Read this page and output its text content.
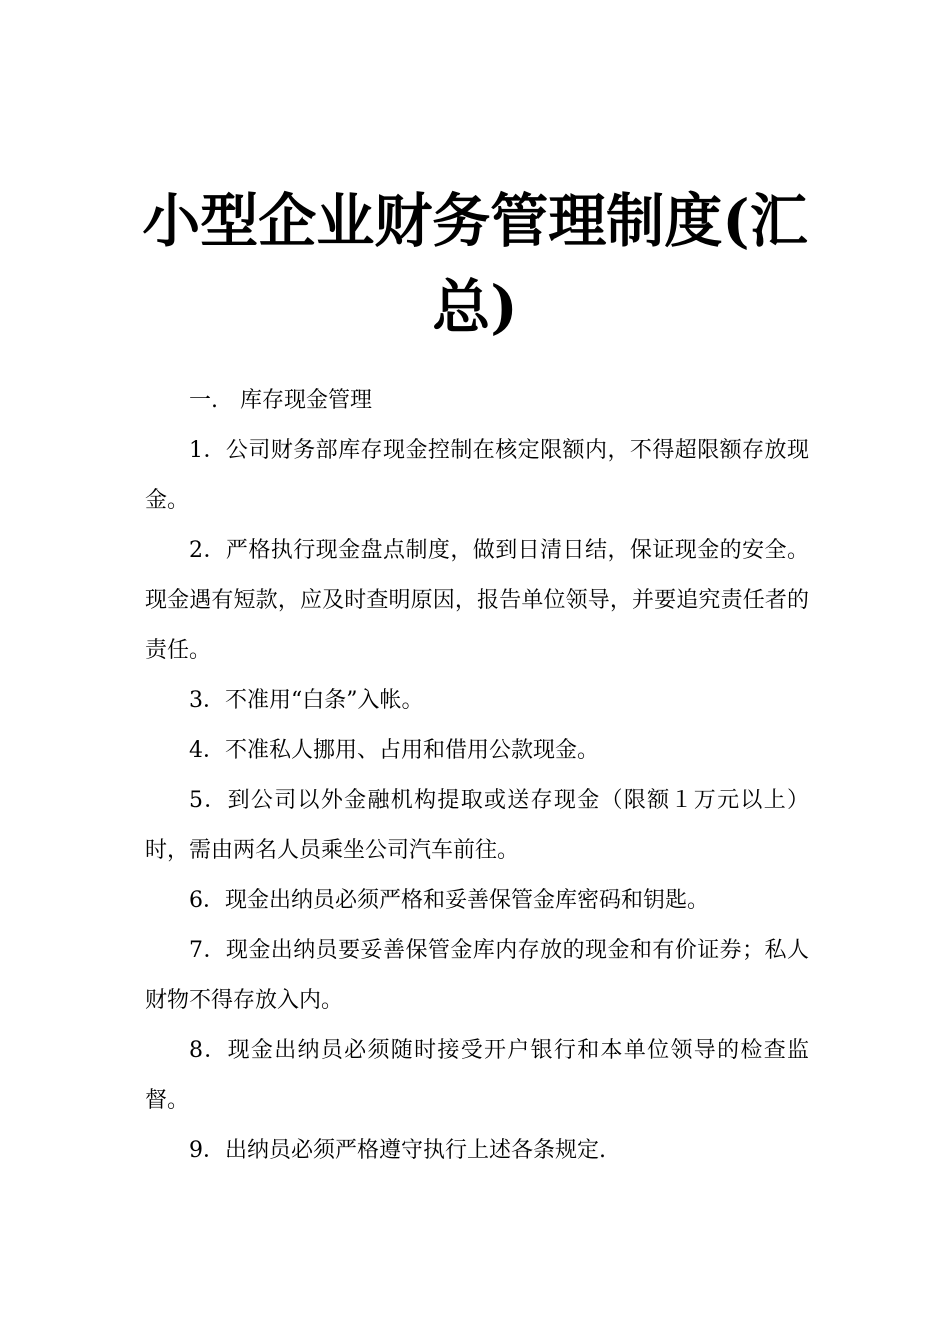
小型企业财务管理制度(汇总)

一.　库存现金管理

1．公司财务部库存现金控制在核定限额内，不得超限额存放现金。

2．严格执行现金盘点制度，做到日清日结，保证现金的安全。现金遇有短款，应及时查明原因，报告单位领导，并要追究责任者的责任。

3．不准用“白条”入帐。

4．不准私人挪用、占用和借用公款现金。

5．到公司以外金融机构提取或送存现金（限额１万元以上）时，需由两名人员乘坐公司汽车前往。

6．现金出纳员必须严格和妥善保管金库密码和钥匙。

7．现金出纳员要妥善保管金库内存放的现金和有价证券；私人财物不得存放入内。

8．现金出纳员必须随时接受开户银行和本单位领导的检查监督。

9．出纳员必须严格遵守执行上述各条规定.
